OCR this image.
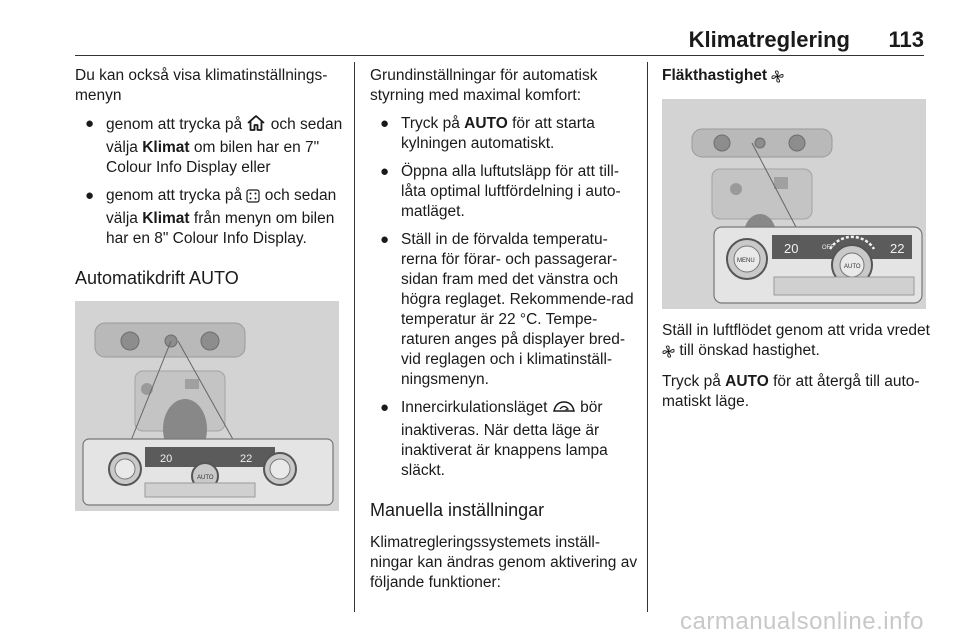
Klimatreglering 113

Du kan också visa klimatinställnings-menyn

● genom att trycka på och sedan välja Klimat om bilen har en 7" Colour Info Display eller
● genom att trycka på och sedan välja Klimat från menyn om bilen har en 8" Colour Info Display.
Automatikdrift AUTO
20	22
AUTO

Grundinställningar för automatisk styrning med maximal komfort:

● Tryck på AUTO för att starta kylningen automatiskt.
● Öppna alla luftutsläpp för att till-låta optimal luftfördelning i auto-matläget.
● Ställ in de förvalda temperatu-rerna för förar- och passagerar-sidan fram med det vänstra och högra reglaget. Rekommende-rad temperatur är 22 °C. Tempe-raturen anges på displayer bred-vid reglagen och i klimatinställ-ningsmenyn.
● Innercirkulationsläget bör inaktiveras. När detta läge är inaktiverat är knappens lampa släckt.
Manuella inställningar

Klimatregleringssystemets inställ-ningar kan ändras genom aktivering av följande funktioner:

Fläkthastighet
20	OFF	22
MENU
AUTO

Ställ in luftflödet genom att vrida vredet  till önskad hastighet.

Tryck på AUTO för att återgå till auto-matiskt läge.

carmanualsonline.info
